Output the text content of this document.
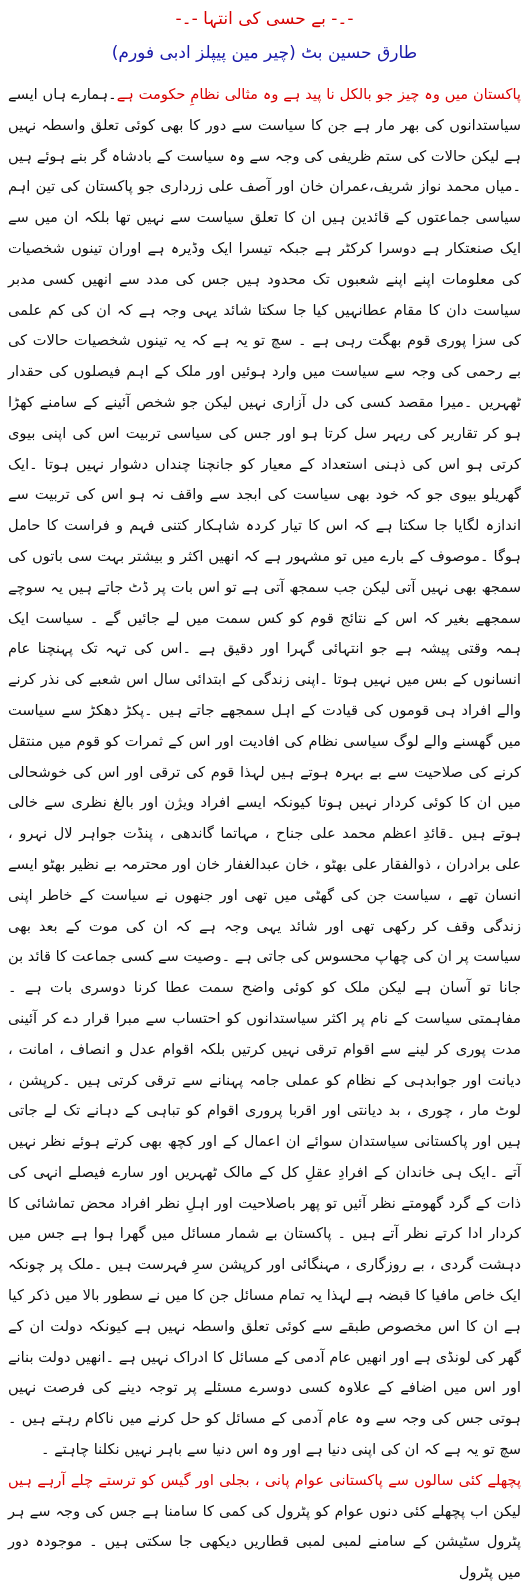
-۔- بے حسی کی انتہا -۔-
طارق حسین بٹ (چیر مین پیپلز ادبی فورم)

پاکستان میں وہ چیز جو بالکل نا پید ہے وہ مثالی نظامِ حکومت ہے۔ہمارے ہاں ایسے سیاستدانوں کی بھر مار ہے جن کا سیاست سے دور کا بھی کوئی تعلق واسطہ نہیں ہے لیکن حالات کی ستم ظریفی کی وجہ سے وہ سیاست کے بادشاہ گر بنے ہوئے ہیں ۔میاں محمد نواز شریف،عمران خان اور آصف علی زرداری جو پاکستان کی تین اہم سیاسی جماعتوں کے قائدین ہیں ان کا تعلق سیاست سے نہیں تھا بلکہ ان میں سے ایک صنعتکار ہے دوسرا کرکٹر ہے جبکہ تیسرا ایک وڈیرہ ہے اوران تینوں شخصیات کی معلومات اپنے اپنے شعبوں تک محدود ہیں جس کی مدد سے انھیں کسی مدبر سیاست دان کا مقام عطانہیں کیا جا سکتا شائد یہی وجہ ہے کہ ان کی کم علمی کی سزا پوری قوم بھگت رہی ہے ۔ سچ تو یہ ہے کہ یہ تینوں شخصیات حالات کی بے رحمی کی وجہ سے سیاست میں وارد ہوئیں اور ملک کے اہم فیصلوں کی حقدار ٹھہریں ۔میرا مقصد کسی کی دل آزاری نہیں لیکن جو شخص آئینے کے سامنے کھڑا ہو کر تقاریر کی ریہر سل کرتا ہو اور جس کی سیاسی تربیت اس کی اپنی بیوی کرتی ہو اس کی ذہنی استعداد کے معیار کو جانچنا چنداں دشوار نہیں ہوتا ۔ایک گھریلو بیوی جو کہ خود بھی سیاست کی ابجد سے واقف نہ ہو اس کی تربیت سے اندازہ لگایا جا سکتا ہے کہ اس کا تیار کردہ شاہکار کتنی فہم و فراست کا حامل ہوگا ۔موصوف کے بارے میں تو مشہور ہے کہ انھیں اکثر و بیشتر بہت سی باتوں کی سمجھ بھی نہیں آتی لیکن جب سمجھ آتی ہے تو اس بات پر ڈٹ جاتے ہیں یہ سوچے سمجھے بغیر کہ اس کے نتائج قوم کو کس سمت میں لے جائیں گے ۔ سیاست ایک ہمہ وقتی پیشہ ہے جو انتہائی گہرا اور دقیق ہے ۔اس کی تہہ تک پہنچنا عام انسانوں کے بس میں نہیں ہوتا ۔اپنی زندگی کے ابتدائی سال اس شعبے کی نذر کرنے والے افراد ہی قوموں کی قیادت کے اہل سمجھے جاتے ہیں ۔پکڑ دھکڑ سے سیاست میں گھسنے والے لوگ سیاسی نظام کی افادیت اور اس کے ثمرات کو قوم میں منتقل کرنے کی صلاحیت سے بے بہرہ ہوتے ہیں لہذا قوم کی ترقی اور اس کی خوشحالی میں ان کا کوئی کردار نہیں ہوتا کیونکہ ایسے افراد ویژن اور بالغ نظری سے خالی ہوتے ہیں ۔قائدِ اعظم محمد علی جناح ، مہاتما گاندھی ، پنڈت جواہر لال نہرو ، علی برادران ، ذوالفقار علی بھٹو ، خان عبدالغفار خان اور محترمہ بے نظیر بھٹو ایسے انسان تھے ، سیاست جن کی گھٹی میں تھی اور جنھوں نے سیاست کے خاطر اپنی زندگی وقف کر رکھی تھی اور شائد یہی وجہ ہے کہ ان کی موت کے بعد بھی سیاست پر ان کی چھاپ محسوس کی جاتی ہے ۔وصیت سے کسی جماعت کا قائد بن جانا تو آسان ہے لیکن ملک کو کوئی واضح سمت عطا کرنا دوسری بات ہے ۔مفاہمتی سیاست کے نام پر اکثر سیاستدانوں کو احتساب سے مبرا قرار دے کر آئینی مدت پوری کر لینے سے اقوام ترقی نہیں کرتیں بلکہ اقوام عدل و انصاف ، امانت ، دیانت اور جوابدہی کے نظام کو عملی جامہ پہنانے سے ترقی کرتی ہیں ۔کرپشن ، لوٹ مار ، چوری ، بد دیانتی اور اقربا پروری اقوام کو تباہی کے دہانے تک لے جاتی ہیں اور پاکستانی سیاستدان سوائے ان اعمال کے اور کچھ بھی کرتے ہوئے نظر نہیں آتے ۔ایک ہی خاندان کے افرادِ عقلِ کل کے مالک ٹھہریں اور سارے فیصلے انہی کی ذات کے گرد گھومتے نظر آئیں تو پھر باصلاحیت اور اہلِ نظر افراد محض تماشائی کا کردار ادا کرتے نظر آتے ہیں ۔ پاکستان بے شمار مسائل میں گھرا ہوا ہے جس میں دہشت گردی ، بے روزگاری ، مہنگائی اور کرپشن سرِ فہرست ہیں ۔ملک پر چونکہ ایک خاص مافیا کا قبضہ ہے لہذا یہ تمام مسائل جن کا میں نے سطور بالا میں ذکر کیا ہے ان کا اس مخصوص طبقے سے کوئی تعلق واسطہ نہیں ہے کیونکہ دولت ان کے گھر کی لونڈی ہے اور انھیں عام آدمی کے مسائل کا ادراک نہیں ہے ۔انھیں دولت بنانے اور اس میں اضافے کے علاوہ کسی دوسرے مسئلے پر توجہ دینے کی فرصت نہیں ہوتی جس کی وجہ سے وہ عام آدمی کے مسائل کو حل کرنے میں ناکام رہتے ہیں ۔ سچ تو یہ ہے کہ ان کی اپنی دنیا ہے اور وہ اس دنیا سے باہر نہیں نکلنا چاہتے ۔

پچھلے کئی سالوں سے پاکستانی عوام پانی ، بجلی اور گیس کو ترستے چلے آرہے ہیں لیکن اب پچھلے کئی دنوں عوام کو پٹرول کی کمی کا سامنا ہے جس کی وجہ سے ہر پٹرول سٹیشن کے سامنے لمبی لمبی قطاریں دیکھی جا سکتی ہیں ۔ موجودہ دور میں پٹرول
